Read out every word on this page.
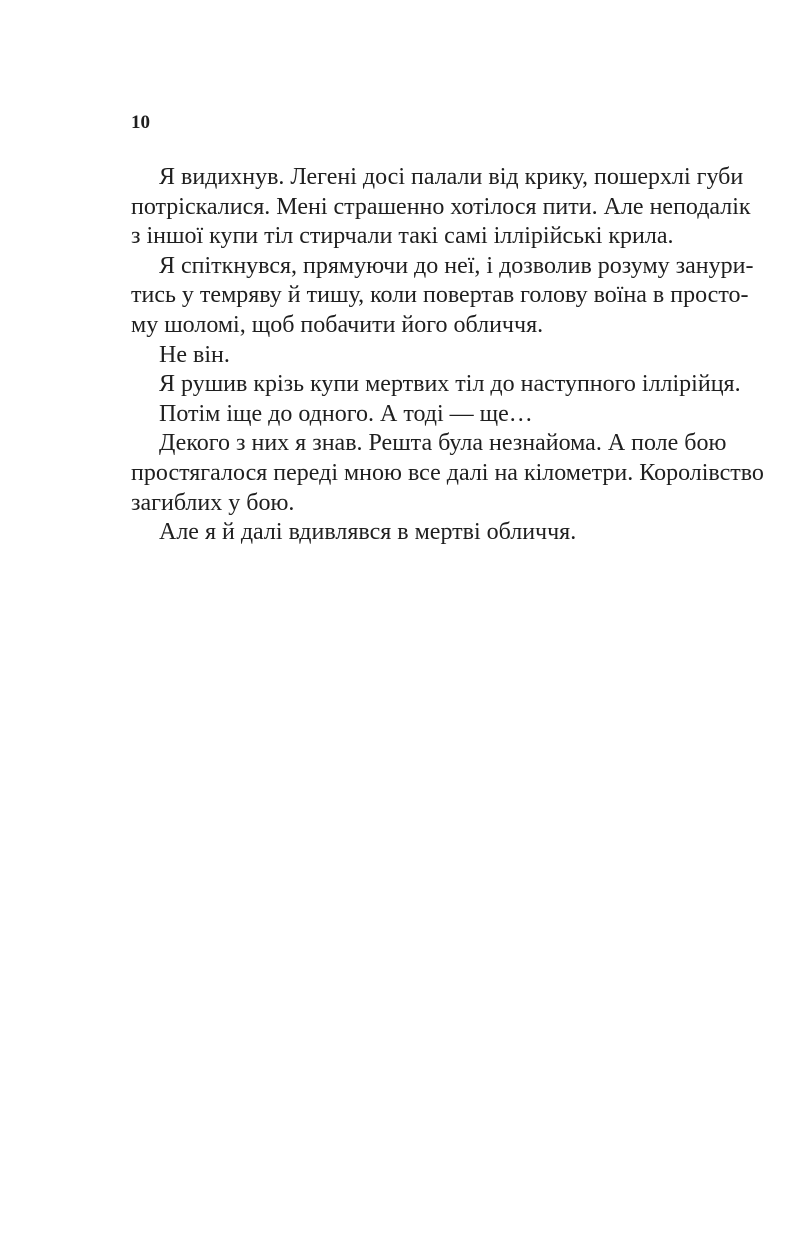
10
Я видихнув. Легені досі палали від крику, пошерхлі губи
потріскалися. Мені страшенно хотілося пити. Але неподалік
з іншої купи тіл стирчали такі самі іллірійські крила.
Я спіткнувся, прямуючи до неї, і дозволив розуму занури-
тись у темряву й тишу, коли повертав голову воїна в просто-
му шоломі, щоб побачити його обличчя.
Не він.
Я рушив крізь купи мертвих тіл до наступного іллірійця.
Потім іще до одного. А тоді — ще…
Декого з них я знав. Решта була незнайома. А поле бою
простягалося переді мною все далі на кілометри. Королівство
загиблих у бою.
Але я й далі вдивлявся в мертві обличчя.
